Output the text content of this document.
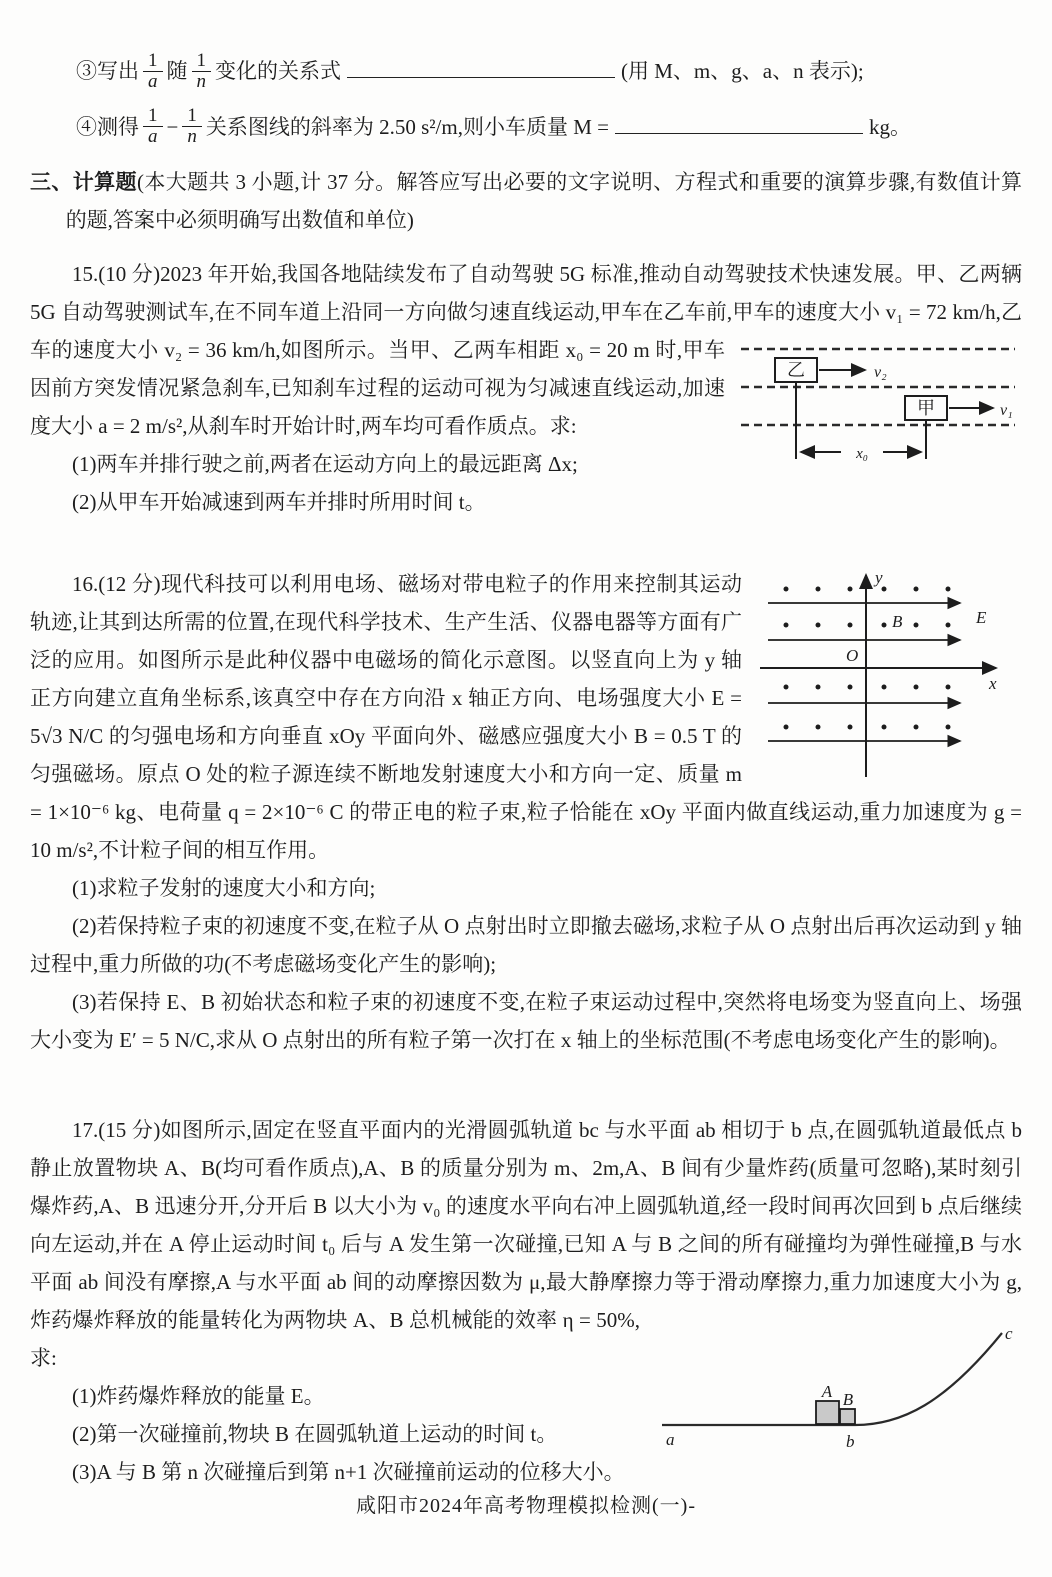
③写出 $\frac{1}{a}$ 随 $\frac{1}{n}$ 变化的关系式	(用 M、m、g、a、n 表示);

④测得 $\frac{1}{a} - \frac{1}{n}$ 关系图线的斜率为 2.50 s²/m,则小车质量 M =	kg。

三、计算题(本大题共 3 小题,计 37 分。解答应写出必要的文字说明、方程式和重要的演算步骤,有数值计算的题,答案中必须明确写出数值和单位)

15.(10 分)2023 年开始,我国各地陆续发布了自动驾驶 5G 标准,推动自动驾驶技术快速发展。甲、乙两辆 5G 自动驾驶测试车,在不同车道上沿同一方向做匀速直线运动,甲车在乙车前,甲车的速度大小 v₁ = 72 km/h,乙车的速度大小 v₂ = 36 km/h,如图所示。当甲、乙两车相距 x₀ = 20 m
乙	v₂
甲	v₁
x₀
时,甲车因前方突发情况紧急刹车,已知刹车过程的运动可视为匀减速直线运动,加速度大小 a = 2 m/s²,从刹车时开始计时,两车均可看作质点。求:

(1)两车并排行驶之前,两者在运动方向上的最远距离 Δx;

(2)从甲车开始减速到两车并排时所用时间 t。

y
x
O
B	E
16.(12 分)现代科技可以利用电场、磁场对带电粒子的作用来控制其运动轨迹,让其到达所需的位置,在现代科学技术、生产生活、仪器电器等方面有广泛的应用。如图所示是此种仪器中电磁场的简化示意图。以竖直向上为 y 轴正方向建立直角坐标系,该真空中存在方向沿 x 轴正方向、电场强度大小 E = 5√3 N/C 的匀强电场和方向垂直 xOy 平面向外、磁感应强度大小 B = 0.5 T 的匀强磁场。原点 O 处的粒子源连续不断地发射速度大小和方向一定、质量 m = 1×10⁻⁶ kg、电荷量 q = 2×10⁻⁶ C 的带正电的粒子束,粒子恰能在 xOy 平面内做直线运动,重力加速度为 g = 10 m/s²,不计粒子间的相互作用。

(1)求粒子发射的速度大小和方向;

(2)若保持粒子束的初速度不变,在粒子从 O 点射出时立即撤去磁场,求粒子从 O 点射出后再次运动到 y 轴过程中,重力所做的功(不考虑磁场变化产生的影响);

(3)若保持 E、B 初始状态和粒子束的初速度不变,在粒子束运动过程中,突然将电场变为竖直向上、场强大小变为 E′ = 5 N/C,求从 O 点射出的所有粒子第一次打在 x 轴上的坐标范围(不考虑电场变化产生的影响)。

17.(15 分)如图所示,固定在竖直平面内的光滑圆弧轨道 bc 与水平面 ab 相切于 b 点,在圆弧轨道最低点 b 静止放置物块 A、B(均可看作质点),A、B 的质量分别为 m、2m,A、B 间有少量炸药(质量可忽略),某时刻引爆炸药,A、B 迅速分开,分开后 B 以大小为 v₀ 的速度水平向右冲上圆弧轨道,经一段时间再次回到 b 点后继续向左运动,并在 A 停止运动时间 t₀ 后与 A 发生第一次碰撞,已知 A 与 B 之间的所有碰撞均为弹性碰撞,B 与水平面 ab 间没有摩擦,A 与水平面 ab 间的动摩擦因数为 μ,最大静摩擦力等于滑动摩擦力,重力加速度大小为 g,炸药爆炸释放的能量转化为两物块
A B
a	b
c
A、B 总机械能的效率 η = 50%,求:

(1)炸药爆炸释放的能量 E。

(2)第一次碰撞前,物块 B 在圆弧轨道上运动的时间 t。

(3)A 与 B 第 n 次碰撞后到第 n+1 次碰撞前运动的位移大小。

咸阳市2024年高考物理模拟检测(一)-
